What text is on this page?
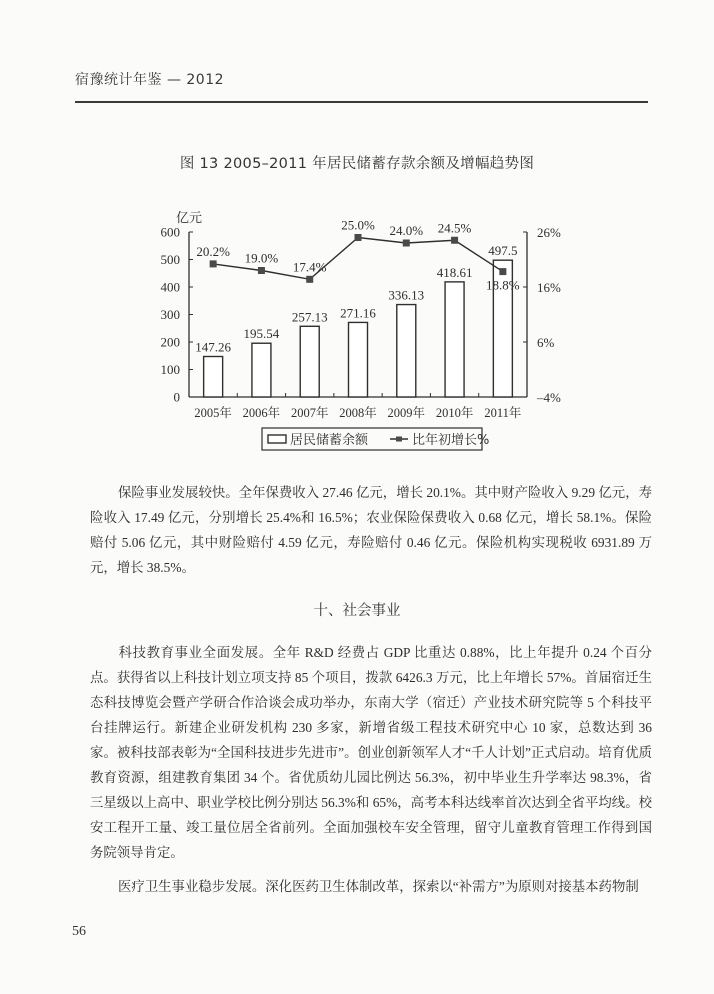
宿豫统计年鉴 — 2012
图 13 2005–2011 年居民储蓄存款余额及增幅趋势图
0
100
200
300
400
500
600
亿元
–4%
6%
16%
26%
2005年 2006年 2007年 2008年 2009年 2010年 2011年
147.26
195.54
257.13 271.16
336.13
418.61
497.5
20.2% 19.0%
17.4%
25.0% 24.0% 24.5%
18.8%
居民储蓄余额	比年初增长%
保险事业发展较快。全年保费收入 27.46 亿元，增长 20.1%。其中财产险收入 9.29 亿元，寿险收入 17.49 亿元，分别增长 25.4%和 16.5%；农业保险保费收入 0.68 亿元，增长 58.1%。保险赔付 5.06 亿元，其中财险赔付 4.59 亿元，寿险赔付 0.46 亿元。保险机构实现税收 6931.89 万元，增长 38.5%。
十、社会事业
科技教育事业全面发展。全年 R&D 经费占 GDP 比重达 0.88%，比上年提升 0.24 个百分点。获得省以上科技计划立项支持 85 个项目，拨款 6426.3 万元，比上年增长 57%。首届宿迁生态科技博览会暨产学研合作洽谈会成功举办，东南大学（宿迁）产业技术研究院等 5 个科技平台挂牌运行。新建企业研发机构 230 多家，新增省级工程技术研究中心 10 家，总数达到 36 家。被科技部表彰为“全国科技进步先进市”。创业创新领军人才“千人计划”正式启动。培育优质教育资源，组建教育集团 34 个。省优质幼儿园比例达 56.3%，初中毕业生升学率达 98.3%，省三星级以上高中、职业学校比例分别达 56.3%和 65%，高考本科达线率首次达到全省平均线。校安工程开工量、竣工量位居全省前列。全面加强校车安全管理，留守儿童教育管理工作得到国务院领导肯定。
医疗卫生事业稳步发展。深化医药卫生体制改革，探索以“补需方”为原则对接基本药物制
56
